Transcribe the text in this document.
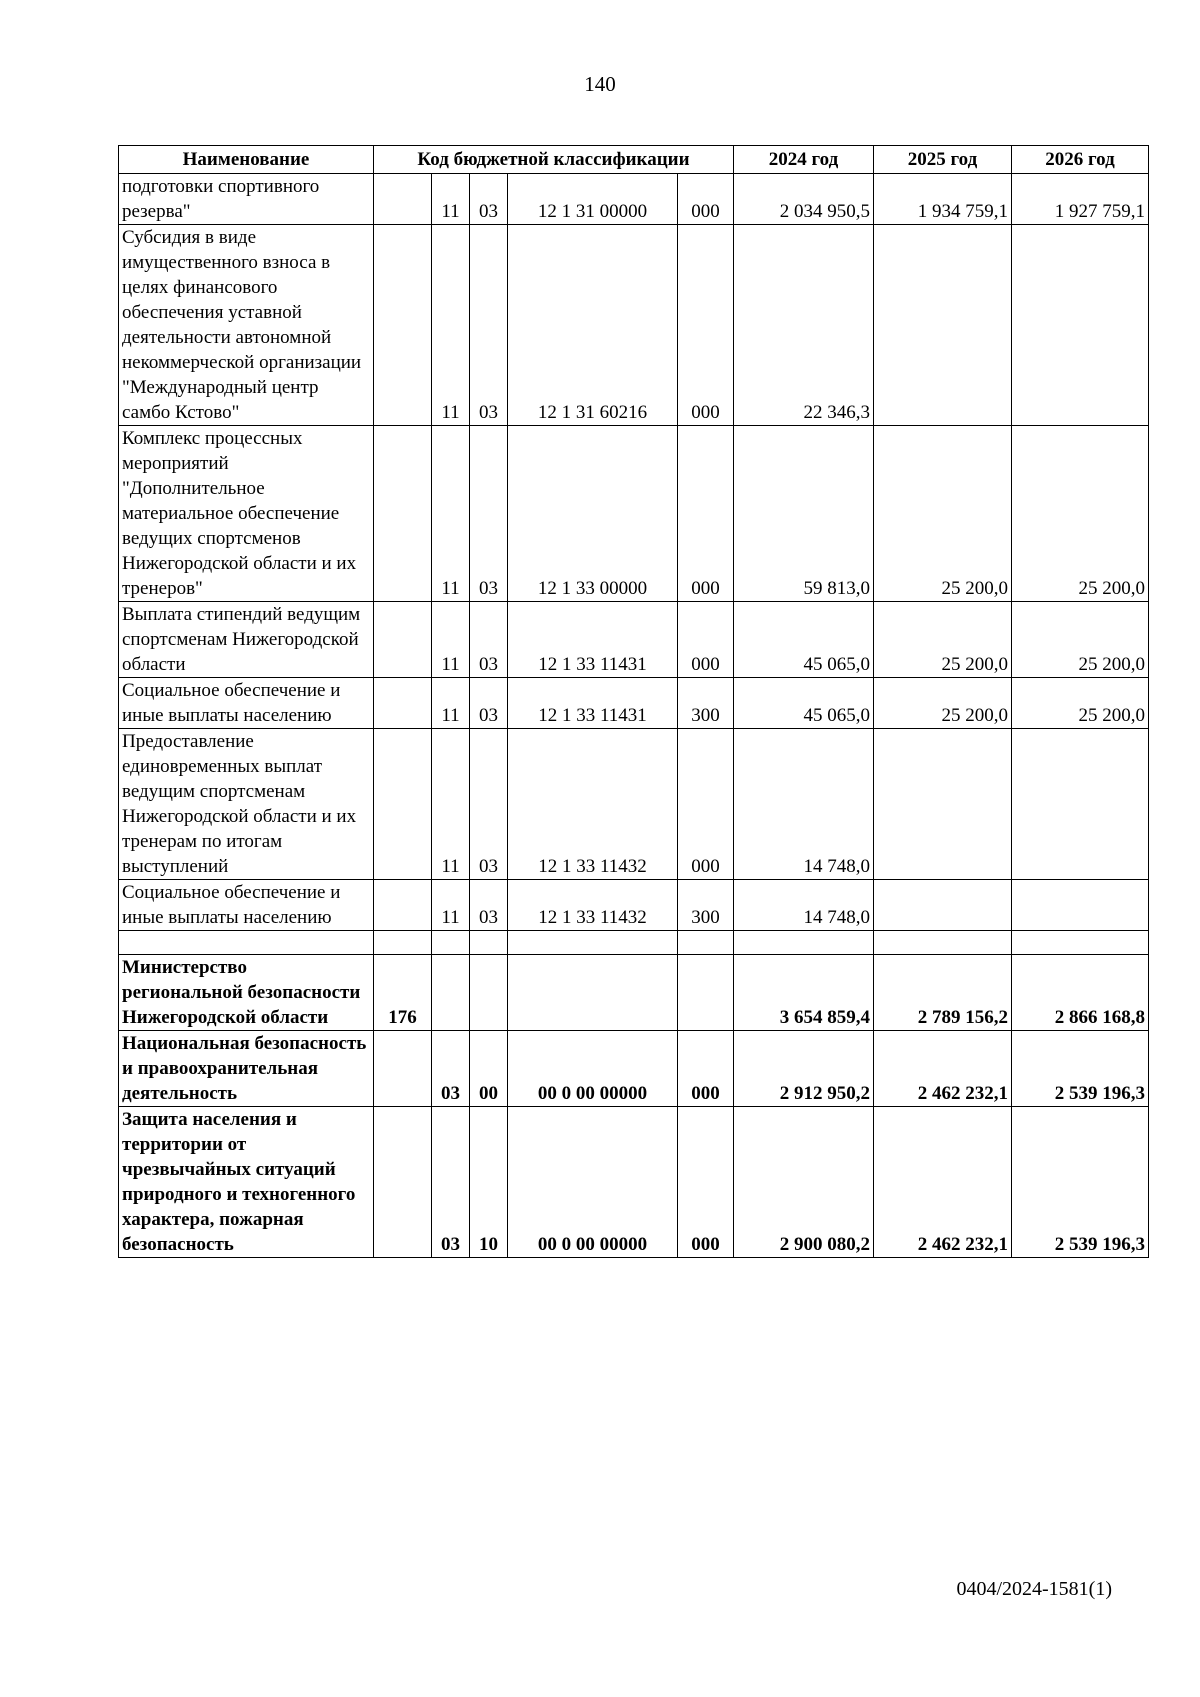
140
Наименование	Код бюджетной классификации					2024 год	2025 год	2026 год
подготовки спортивного резерва"		11	03	12 1 31 00000	000	2 034 950,5	1 934 759,1	1 927 759,1
Субсидия в виде имущественного взноса в целях финансового обеспечения уставной деятельности автономной некоммерческой организации "Международный центр самбо Кстово"		11	03	12 1 31 60216	000	22 346,3		
Комплекс процессных мероприятий "Дополнительное материальное обеспечение ведущих спортсменов Нижегородской области и их тренеров"		11	03	12 1 33 00000	000	59 813,0	25 200,0	25 200,0
Выплата стипендий ведущим спортсменам Нижегородской области		11	03	12 1 33 11431	000	45 065,0	25 200,0	25 200,0
Социальное обеспечение и иные выплаты населению		11	03	12 1 33 11431	300	45 065,0	25 200,0	25 200,0
Предоставление единовременных выплат ведущим спортсменам Нижегородской области и их тренерам по итогам выступлений		11	03	12 1 33 11432	000	14 748,0		
Социальное обеспечение и иные выплаты населению		11	03	12 1 33 11432	300	14 748,0		

Министерство региональной безопасности Нижегородской области	176					3 654 859,4	2 789 156,2	2 866 168,8
Национальная безопасность и правоохранительная деятельность		03	00	00 0 00 00000	000	2 912 950,2	2 462 232,1	2 539 196,3
Защита населения и территории от чрезвычайных ситуаций природного и техногенного характера, пожарная безопасность		03	10	00 0 00 00000	000	2 900 080,2	2 462 232,1	2 539 196,3
0404/2024-1581(1)
